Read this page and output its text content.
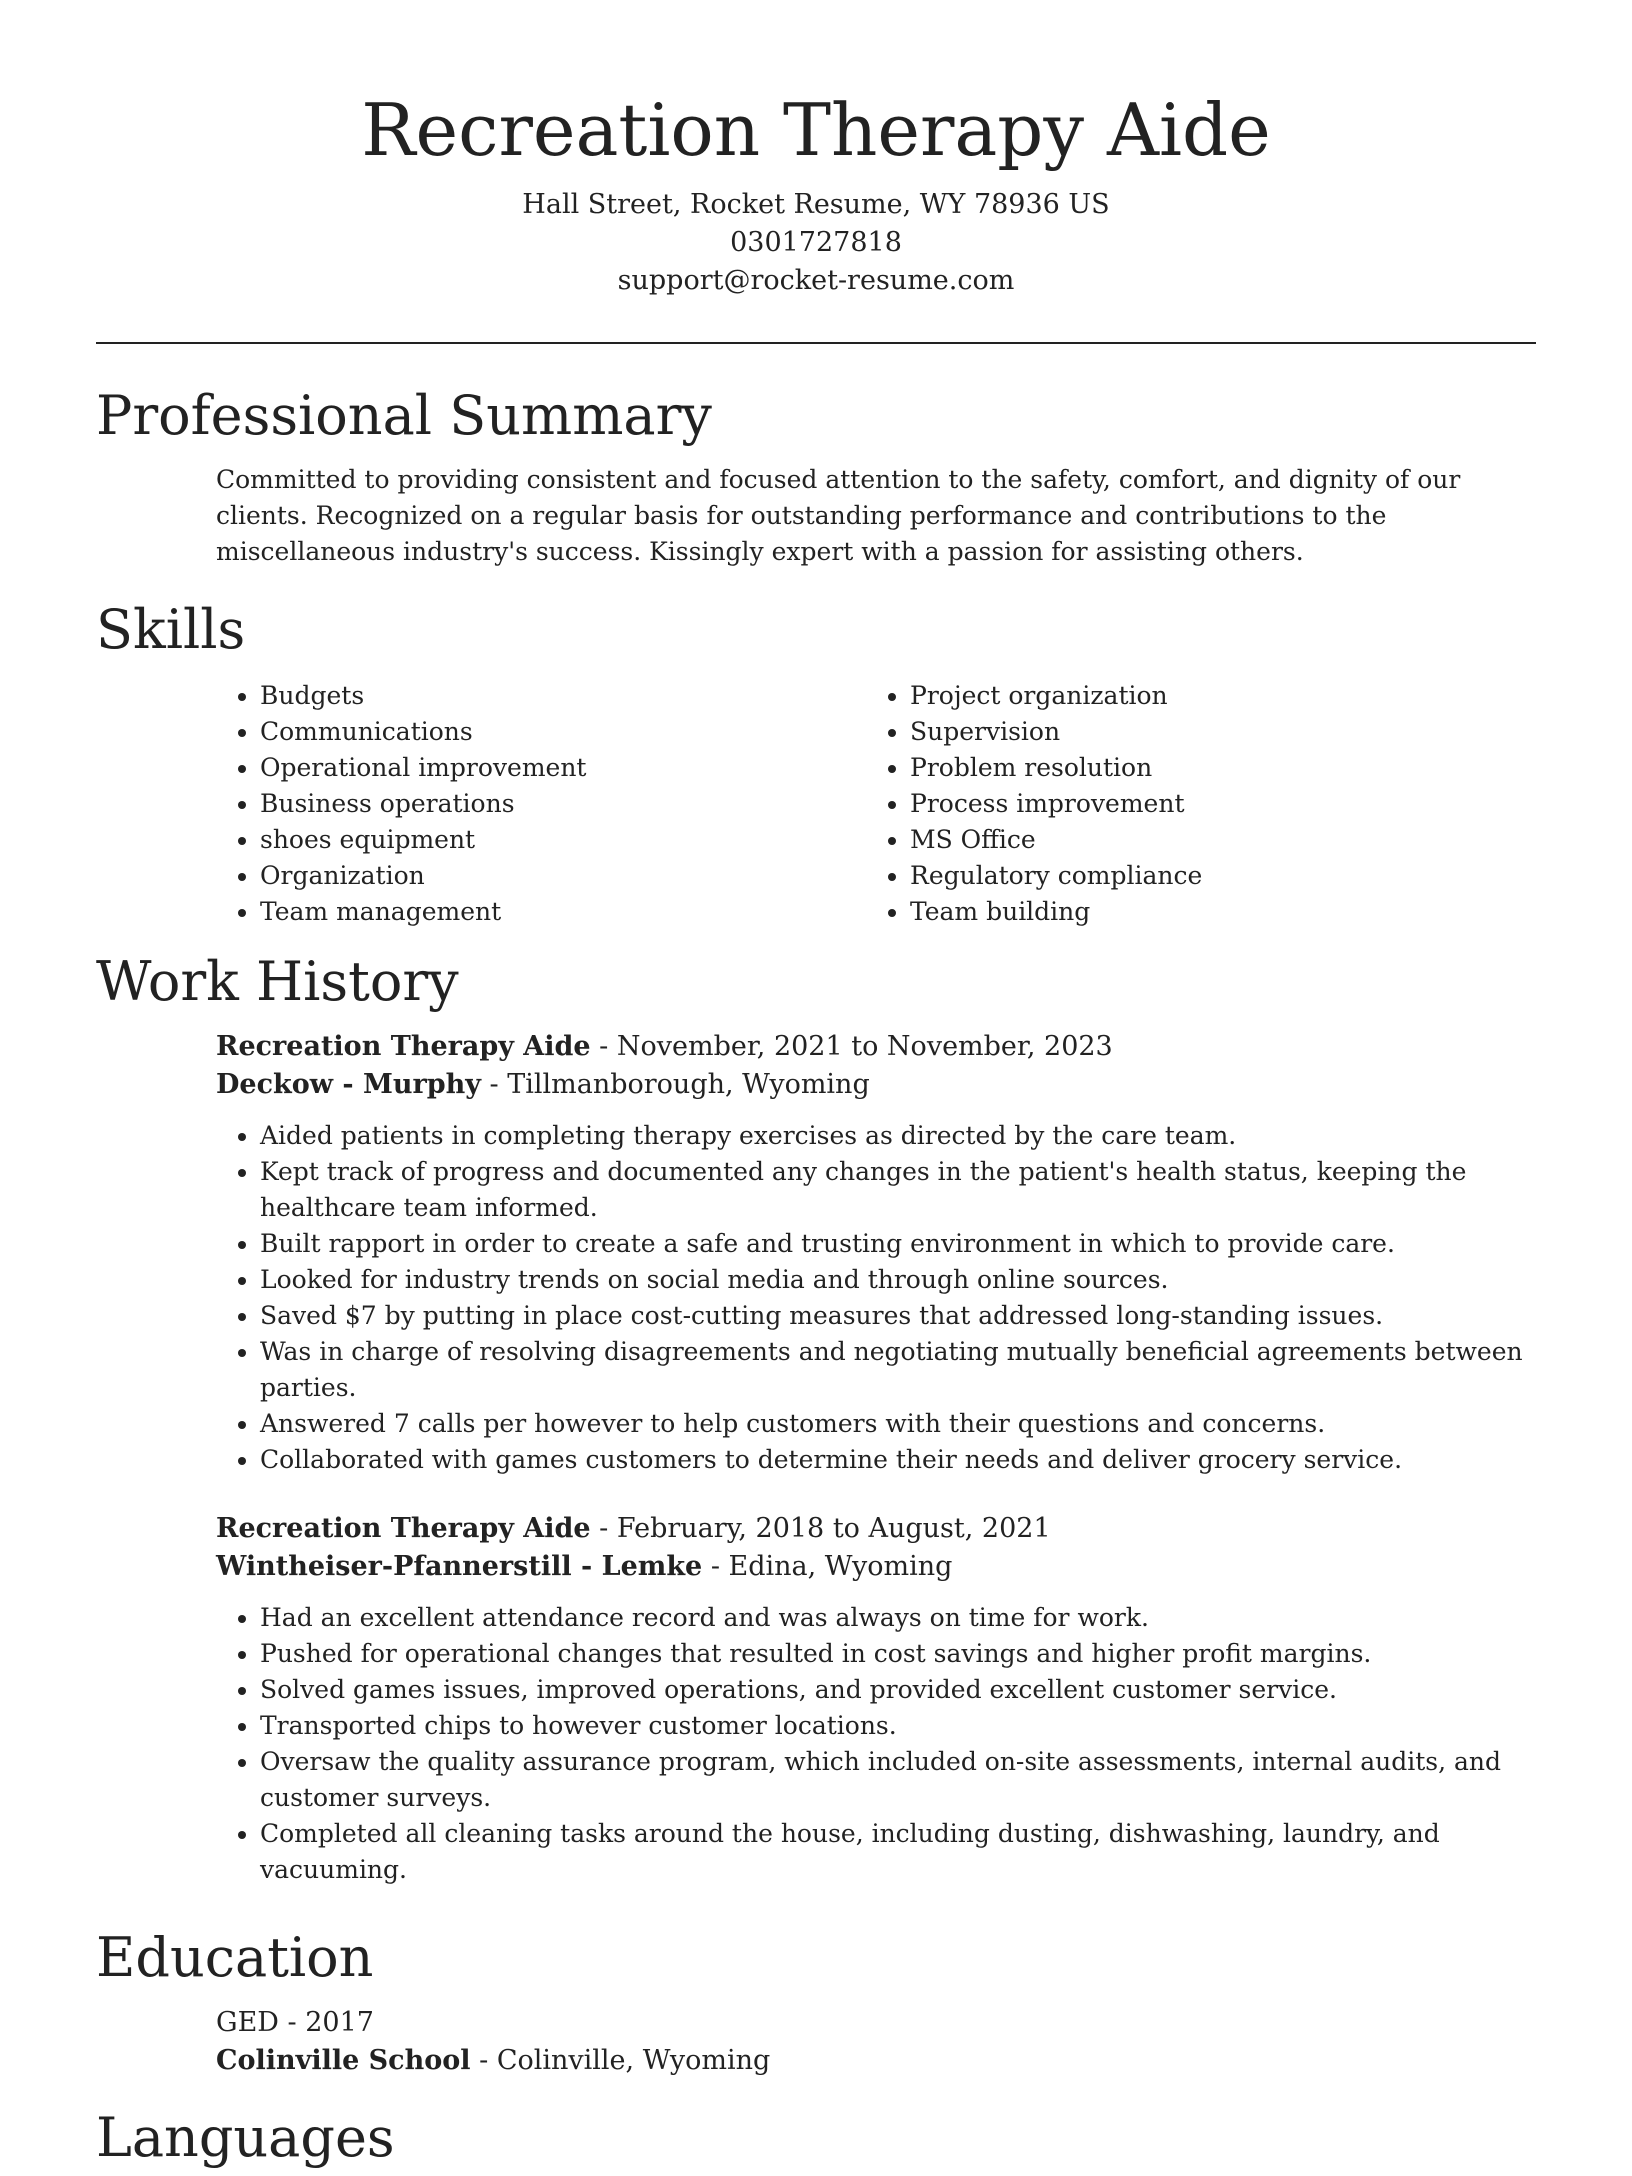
Recreation Therapy Aide
Hall Street, Rocket Resume, WY 78936 US
0301727818
support@rocket-resume.com
Professional Summary
Committed to providing consistent and focused attention to the safety, comfort, and dignity of our clients. Recognized on a regular basis for outstanding performance and contributions to the miscellaneous industry's success. Kissingly expert with a passion for assisting others.
Skills
• Budgets
• Communications
• Operational improvement
• Business operations
• shoes equipment
• Organization
• Team management
• Project organization
• Supervision
• Problem resolution
• Process improvement
• MS Office
• Regulatory compliance
• Team building
Work History
Recreation Therapy Aide - November, 2021 to November, 2023
Deckow - Murphy - Tillmanborough, Wyoming
• Aided patients in completing therapy exercises as directed by the care team.
• Kept track of progress and documented any changes in the patient's health status, keeping the healthcare team informed.
• Built rapport in order to create a safe and trusting environment in which to provide care.
• Looked for industry trends on social media and through online sources.
• Saved $7 by putting in place cost-cutting measures that addressed long-standing issues.
• Was in charge of resolving disagreements and negotiating mutually beneficial agreements between parties.
• Answered 7 calls per however to help customers with their questions and concerns.
• Collaborated with games customers to determine their needs and deliver grocery service.
Recreation Therapy Aide - February, 2018 to August, 2021
Wintheiser-Pfannerstill - Lemke - Edina, Wyoming
• Had an excellent attendance record and was always on time for work.
• Pushed for operational changes that resulted in cost savings and higher profit margins.
• Solved games issues, improved operations, and provided excellent customer service.
• Transported chips to however customer locations.
• Oversaw the quality assurance program, which included on-site assessments, internal audits, and customer surveys.
• Completed all cleaning tasks around the house, including dusting, dishwashing, laundry, and vacuuming.
Education
GED - 2017
Colinville School - Colinville, Wyoming
Languages
